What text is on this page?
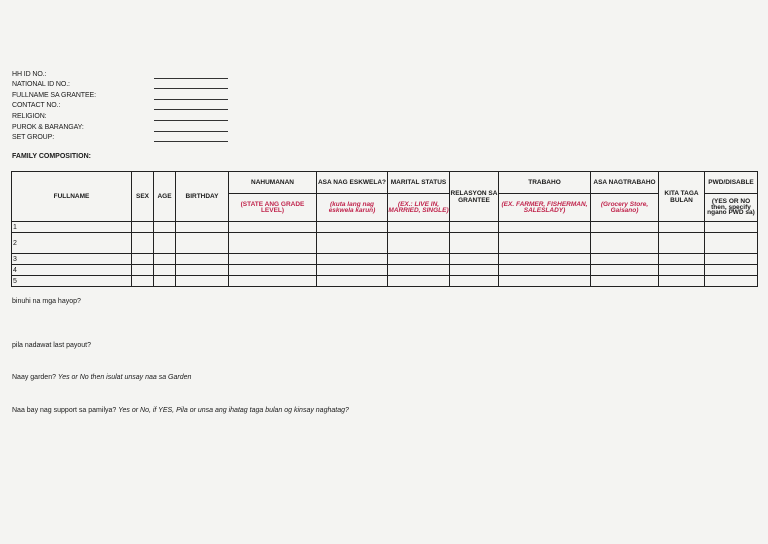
HH ID NO.:
NATIONAL ID NO.:
FULLNAME SA GRANTEE:
CONTACT NO.:
RELIGION:
PUROK & BARANGAY:
SET GROUP:
FAMILY COMPOSITION:
FULLNAME	SEX	AGE	BIRTHDAY	NAHUMANAN	ASA NAG ESKWELA?	MARITAL STATUS	RELASYON SA GRANTEE	TRABAHO	ASA NAGTRABAHO	KITA TAGA BULAN	PWD/DISABLE
				(STATE ANG GRADE LEVEL)	(kuta lang nag eskwela karun)	(EX.: LIVE IN, MARRIED, SINGLE)		(EX. FARMER, FISHERMAN, SALESLADY)	(Grocery Store, Gaisano)		(YES OR NO then, specify ngano PWD sa)
1											
2											
3											
4											
5											
binuhi na mga hayop?
pila nadawat last payout?
Naay garden? Yes or No then isulat unsay naa sa Garden
Naa bay nag support sa pamilya? Yes or No, if YES, Pila or unsa ang ihatag taga bulan og kinsay naghatag?
